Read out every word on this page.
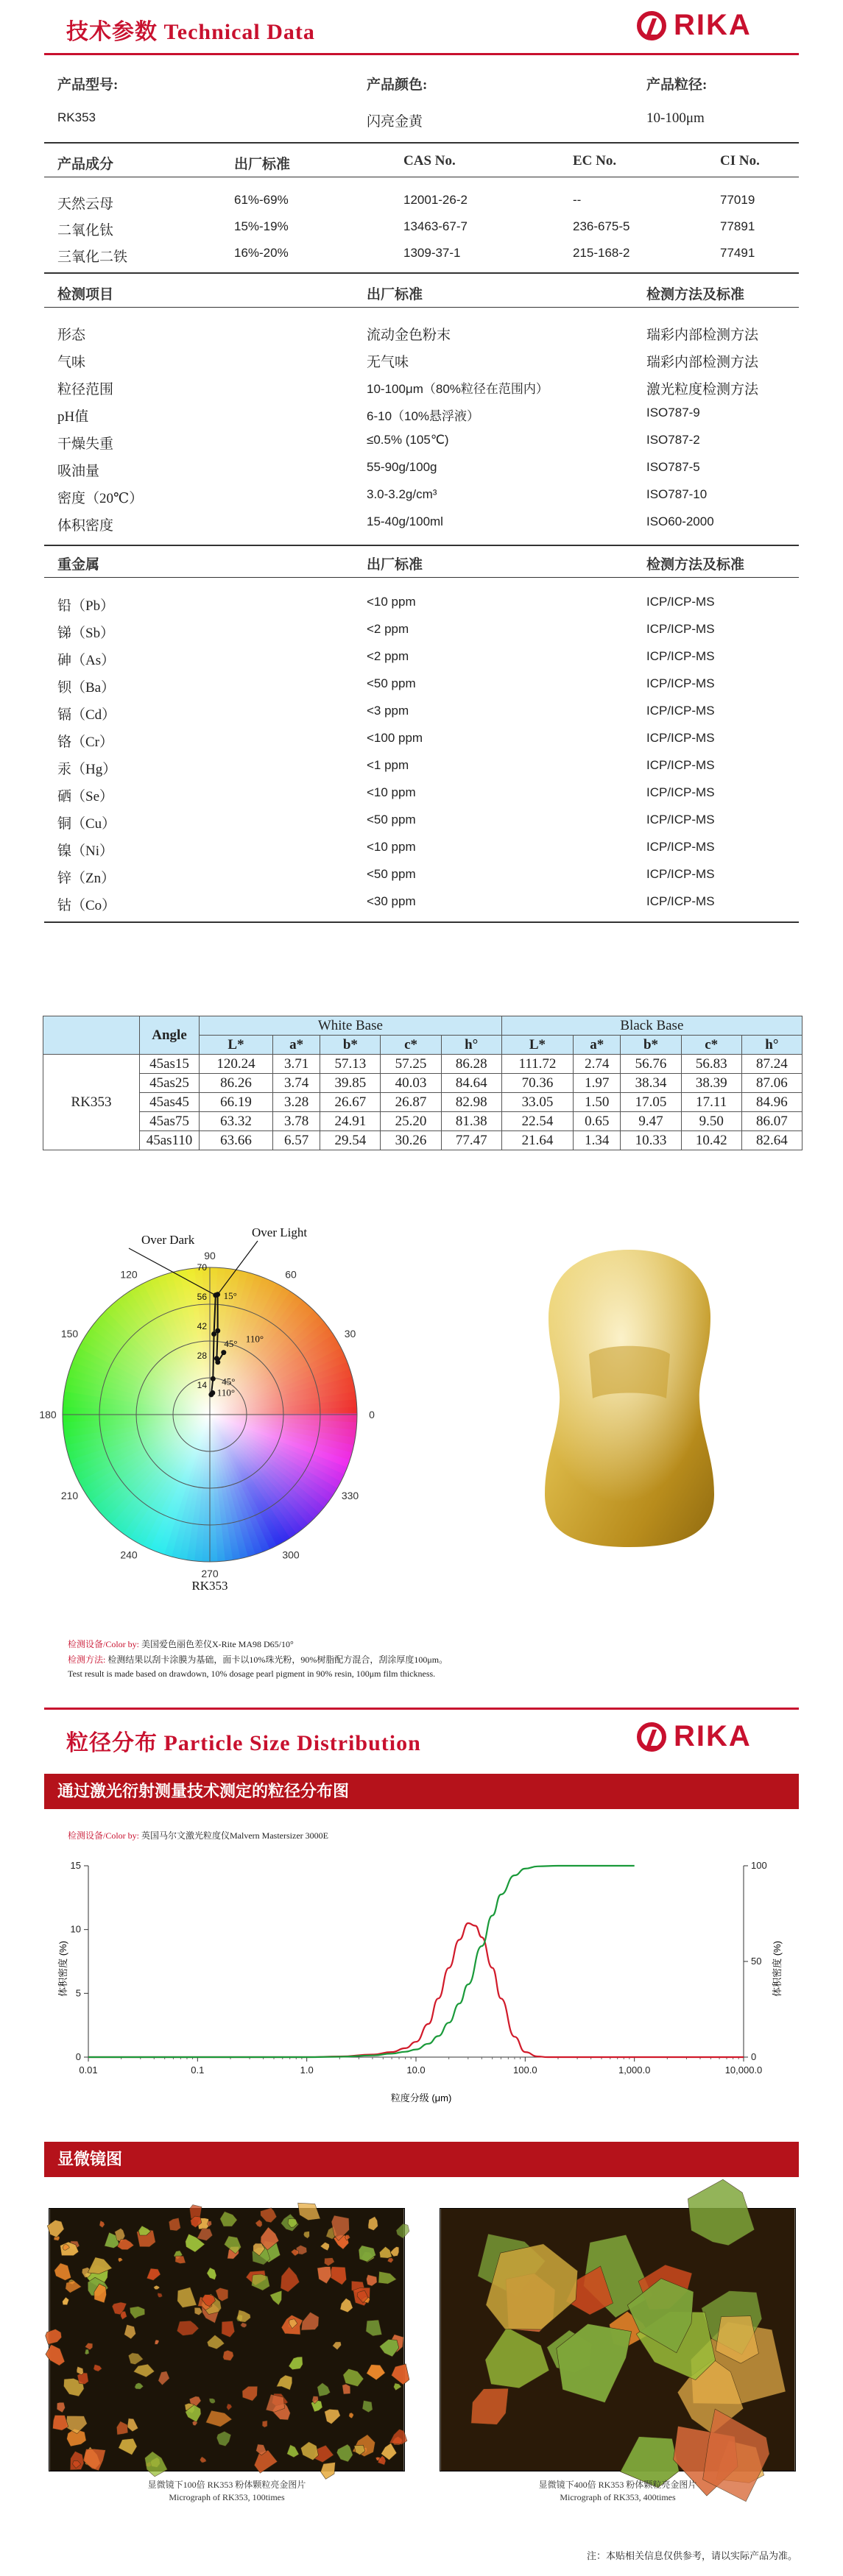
技术参数 Technical Data	RIKA
产品型号:	产品颜色:	产品粒径:
RK353	闪亮金黄	10-100μm
产品成分	出厂标准	CAS No.	EC No.	CI No.
天然云母	61%-69%	12001-26-2	--	77019
二氧化钛	15%-19%	13463-67-7	236-675-5	77891
三氧化二铁	16%-20%	1309-37-1	215-168-2	77491
检测项目	出厂标准	检测方法及标准
形态	流动金色粉末	瑞彩内部检测方法
气味	无气味	瑞彩内部检测方法
粒径范围	10-100μm（80%粒径在范围内）	激光粒度检测方法
pH值	6-10（10%悬浮液）	ISO787-9
干燥失重	≤0.5% (105℃)	ISO787-2
吸油量	55-90g/100g	ISO787-5
密度（20℃）	3.0-3.2g/cm³	ISO787-10
体积密度	15-40g/100ml	ISO60-2000
重金属	出厂标准	检测方法及标准
铅（Pb）	<10 ppm	ICP/ICP-MS
锑（Sb）	<2 ppm	ICP/ICP-MS
砷（As）	<2 ppm	ICP/ICP-MS
钡（Ba）	<50 ppm	ICP/ICP-MS
镉（Cd）	<3 ppm	ICP/ICP-MS
铬（Cr）	<100 ppm	ICP/ICP-MS
汞（Hg）	<1 ppm	ICP/ICP-MS
硒（Se）	<10 ppm	ICP/ICP-MS
铜（Cu）	<50 ppm	ICP/ICP-MS
镍（Ni）	<10 ppm	ICP/ICP-MS
锌（Zn）	<50 ppm	ICP/ICP-MS
钴（Co）	<30 ppm	ICP/ICP-MS
	Angle	White Base					Black Base				
		L*	a*	b*	c*	h°	L*	a*	b*	c*	h°
RK353	45as15	120.24	3.71	57.13	57.25	86.28	111.72	2.74	56.76	56.83	87.24
	45as25	86.26	3.74	39.85	40.03	84.64	70.36	1.97	38.34	38.39	87.06
	45as45	66.19	3.28	26.67	26.87	82.98	33.05	1.50	17.05	17.11	84.96
	45as75	63.32	3.78	24.91	25.20	81.38	22.54	0.65	9.47	9.50	86.07
	45as110	63.66	6.57	29.54	30.26	77.47	21.64	1.34	10.33	10.42	82.64
90
60
30
0
330
300
270
240
210
180
150
120
70
56
42
28
14
15°
45° 110°
45°
110°
Over Dark
Over Light
RK353
检测设备/Color by: 美国爱色丽色差仪X-Rite MA98 D65/10°
检测方法: 检测结果以刮卡涂膜为基础，面卡以10%珠光粉，90%树脂配方混合，刮涂厚度100μm。
Test result is made based on drawdown, 10% dosage pearl pigment in 90% resin, 100μm film thickness.
粒径分布 Particle Size Distribution	RIKA
通过激光衍射测量技术测定的粒径分布图
检测设备/Color by: 英国马尔文激光粒度仪Malvern Mastersizer 3000E
0.01	0.1	1.0	10.0	100.0	1,000.0	10,000.0
0
5
10
15
0
50
100
粒度分级 (μm)
体积密度 (%)	体积密度 (%)
显微镜图
显微镜下100倍 RK353 粉体颗粒亮金图片
Micrograph of RK353, 100times
显微镜下400倍 RK353 粉体颗粒亮金图片
Micrograph of RK353, 400times
注：本贴相关信息仅供参考，请以实际产品为准。
